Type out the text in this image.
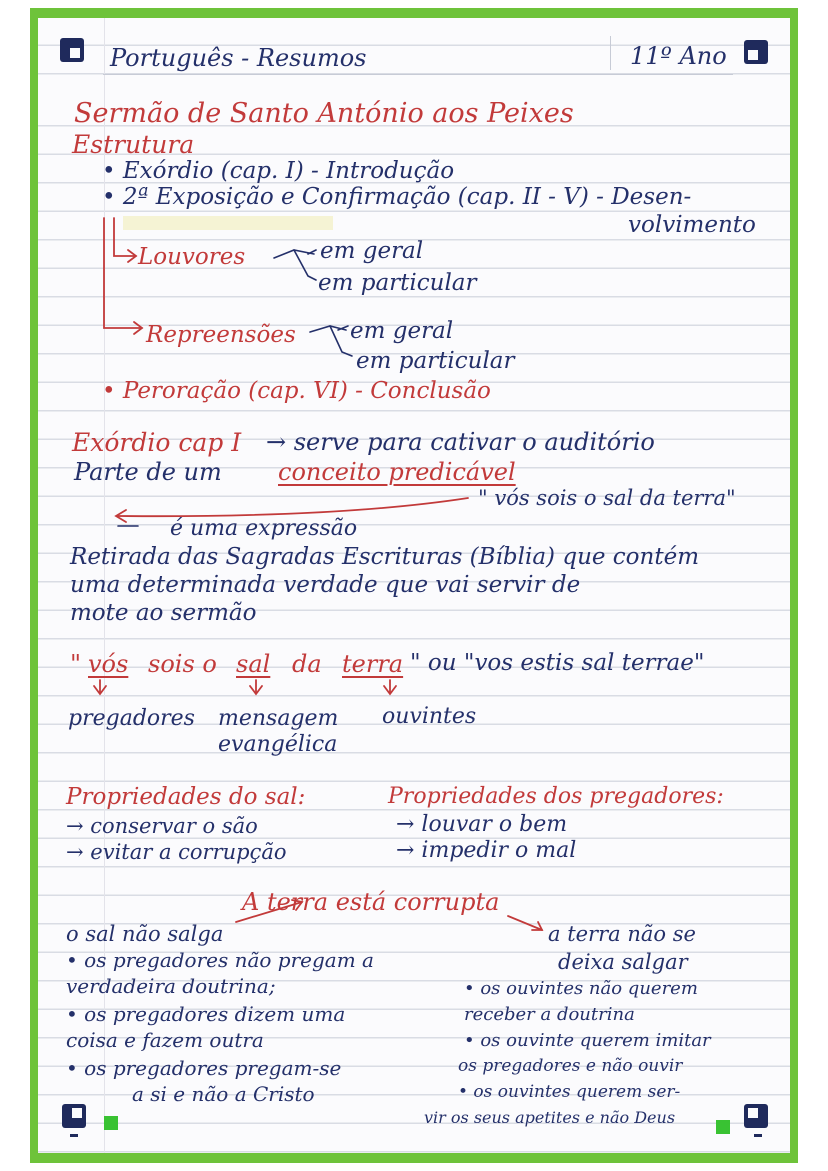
Português - Resumos	11º Ano
Sermão de Santo António aos Peixes
Estrutura
• Exórdio (cap. I) - Introdução
• 2ª Exposição e Confirmação (cap. II - V) - Desen-
volvimento
Louvores	em geral
em particular
Repreensões em geral
em particular
• Peroração (cap. VI) - Conclusão
Exórdio cap I → serve para cativar o auditório
Parte de um conceito predicável
" vós sois o sal da terra"
é uma expressão
Retirada das Sagradas Escrituras (Bíblia) que contém
uma determinada verdade que vai servir de
mote ao sermão
" vós sois o sal da terra " ou "vos estis sal terrae"
pregadores mensagem
evangélica
ouvintes
Propriedades do sal:
→ conservar o são
→ evitar a corrupção
Propriedades dos pregadores:
→ louvar o bem
→ impedir o mal
A terra está corrupta
o sal não salga
• os pregadores não pregam a
verdadeira doutrina;
• os pregadores dizem uma
coisa e fazem outra
• os pregadores pregam-se
a si e não a Cristo
a terra não se
deixa salgar
• os ouvintes não querem
receber a doutrina
• os ouvinte querem imitar
os pregadores e não ouvir
• os ouvintes querem ser-
vir os seus apetites e não Deus
